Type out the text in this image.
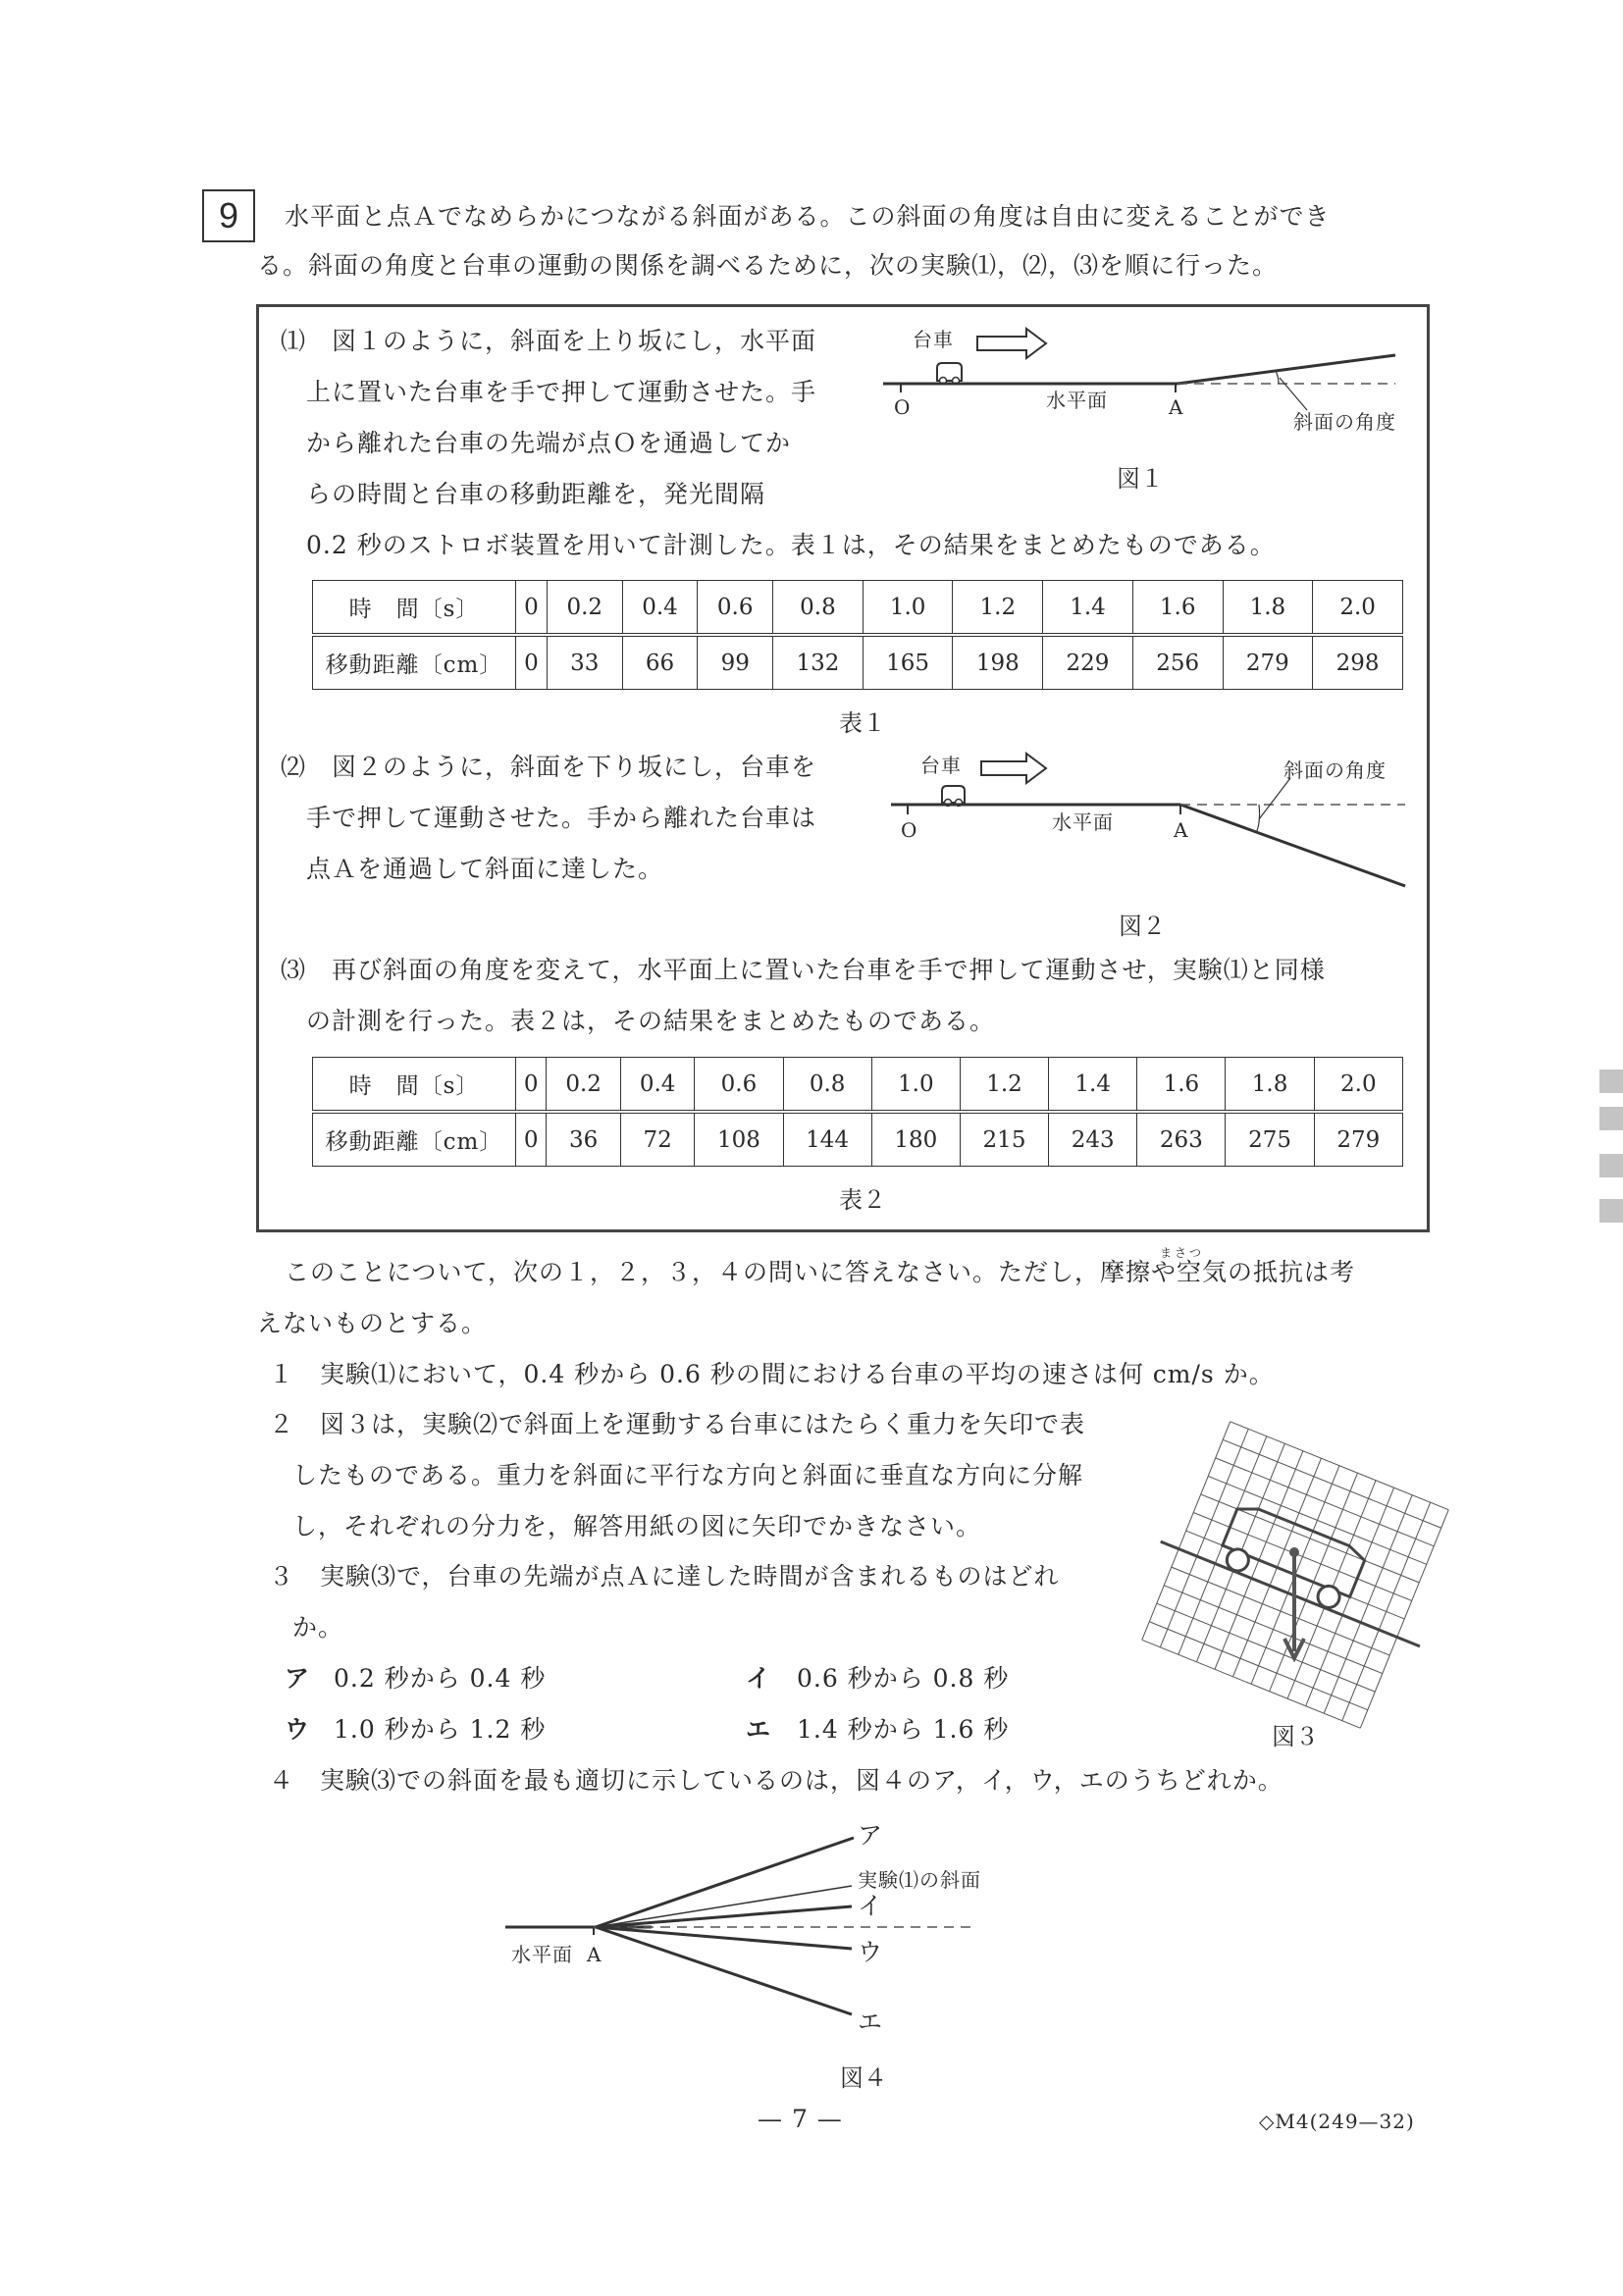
9	水平面と点Ａでなめらかにつながる斜面がある。この斜面の角度は自由に変えることができ
る。斜面の角度と台車の運動の関係を調べるために，次の実験⑴，⑵，⑶を順に行った。
⑴　図１のように，斜面を上り坂にし，水平面
上に置いた台車を手で押して運動させた。手
から離れた台車の先端が点Ｏを通過してか
らの時間と台車の移動距離を，発光間隔
0.2 秒のストロボ装置を用いて計測した。表１は，その結果をまとめたものである。
台車
O	水平面	A
斜面の角度
図１
時　間〔s〕	0	0.2	0.4	0.6	0.8	1.0	1.2	1.4	1.6	1.8	2.0
移動距離〔cm〕	0	33	66	99	132	165	198	229	256	279	298
表１
⑵　図２のように，斜面を下り坂にし，台車を
手で押して運動させた。手から離れた台車は
点Ａを通過して斜面に達した。
台車
O	水平面	A
斜面の角度
図２
⑶　再び斜面の角度を変えて，水平面上に置いた台車を手で押して運動させ，実験⑴と同様
の計測を行った。表２は，その結果をまとめたものである。
時　間〔s〕	0	0.2	0.4	0.6	0.8	1.0	1.2	1.4	1.6	1.8	2.0
移動距離〔cm〕	0	36	72	108	144	180	215	243	263	275	279
表２
まさつ
このことについて，次の１，２，３，４の問いに答えなさい。ただし，摩擦や空気の抵抗は考
えないものとする。
１　実験⑴において，0.4 秒から 0.6 秒の間における台車の平均の速さは何 cm/s か。
２　図３は，実験⑵で斜面上を運動する台車にはたらく重力を矢印で表
したものである。重力を斜面に平行な方向と斜面に垂直な方向に分解
し，それぞれの分力を，解答用紙の図に矢印でかきなさい。
３　実験⑶で，台車の先端が点Ａに達した時間が含まれるものはどれ
か。
ア 0.2 秒から 0.4 秒	イ 0.6 秒から 0.8 秒
ウ 1.0 秒から 1.2 秒	エ 1.4 秒から 1.6 秒	図３
４　実験⑶での斜面を最も適切に示しているのは，図４のア，イ，ウ，エのうちどれか。
水平面 A
ア
実験⑴の斜面
イ
ウ
エ
図４
— 7 —	◇M4(249—32)
